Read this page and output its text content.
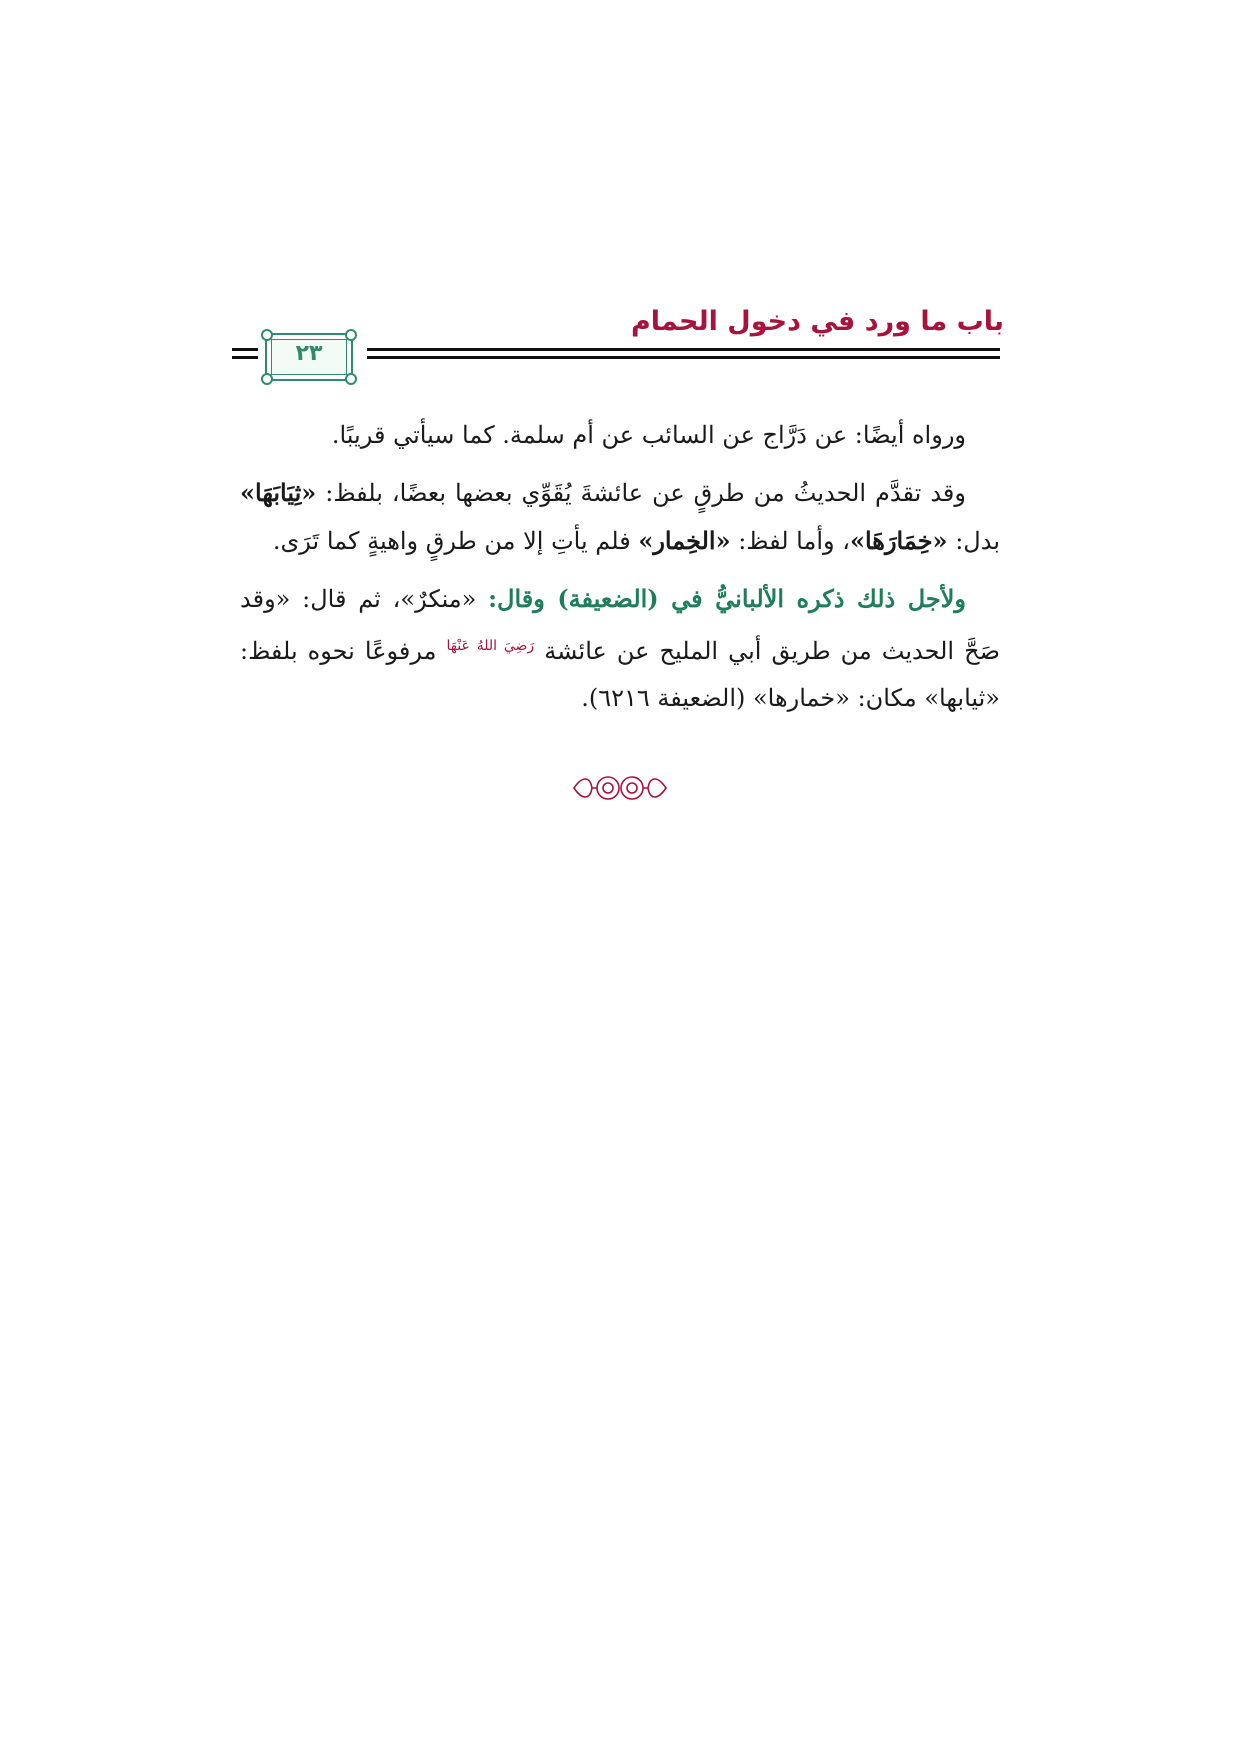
باب ما ورد في دخول الحمام
٢٣

ورواه أيضًا: عن دَرَّاج عن السائب عن أم سلمة. كما سيأتي قريبًا.

وقد تقدَّم الحديثُ من طرقٍ عن عائشةَ يُقَوِّي بعضها بعضًا، بلفظ: «ثِيَابَهَا» بدل: «خِمَارَهَا»، وأما لفظ: «الخِمار» فلم يأتِ إلا من طرقٍ واهيةٍ كما تَرَى.

ولأجل ذلك ذكره الألبانيُّ في (الضعيفة) وقال: «منكرٌ»، ثم قال: «وقد صَحَّ الحديث من طريق أبي المليح عن عائشة $^{رَضِيَ اللهُ عَنْهَا}$ مرفوعًا نحوه بلفظ: «ثيابها» مكان: «خمارها» (الضعيفة ٦٢١٦).
